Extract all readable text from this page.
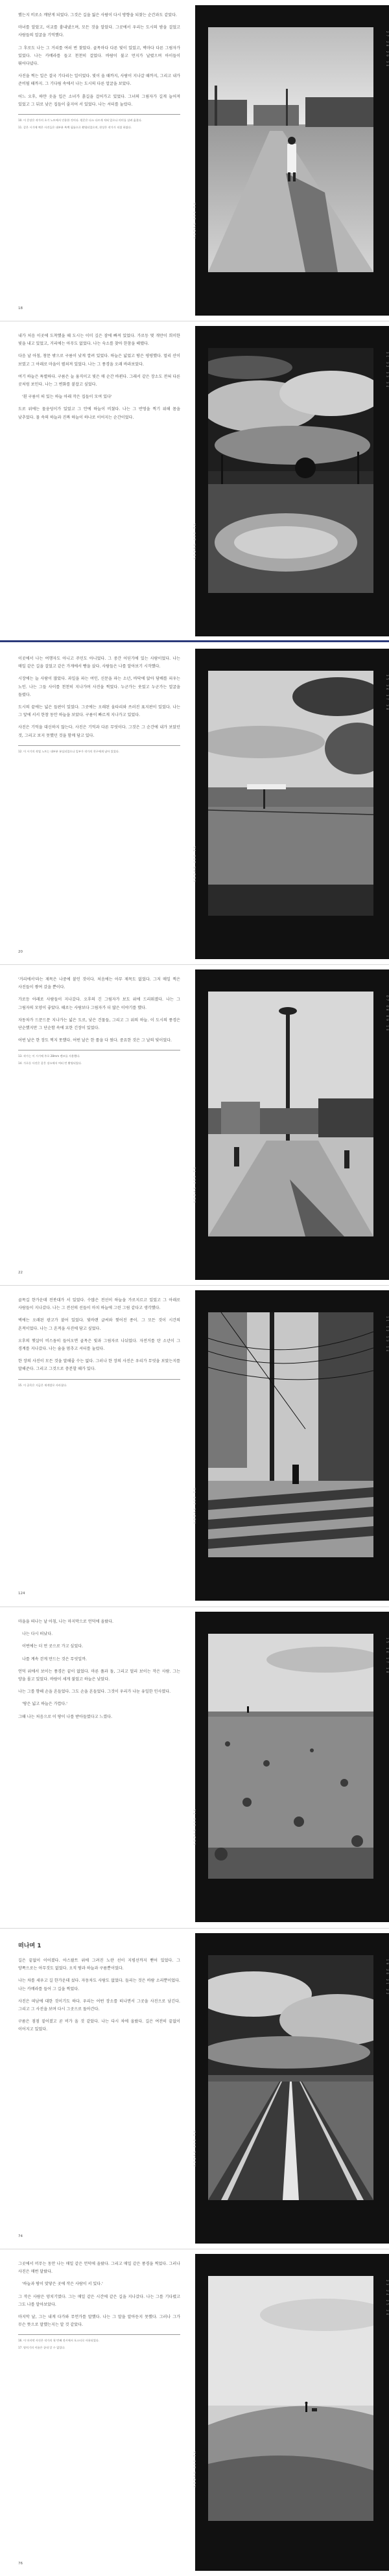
했는지 비로소 깨닫게 되었다. 그것은 길을 잃은 사람이 다시 방향을 되찾는 순간과도 같았다.

마녀를 알았고, 이교를 흉내냈으며, 모든 것을 알았다. 그곳에서 우리는 도시의 밤을 걸었고 사람들의 얼굴을 기억했다.

그 후로도 나는 그 거리를 여러 번 찾았다. 골목마다 다른 빛이 있었고, 벽마다 다른 그림자가 있었다. 나는 카메라를 들고 천천히 걸었다. 바람이 불고 먼지가 날렸으며 아이들이 뛰어다녔다.

사진을 찍는 일은 결국 기다리는 일이었다. 빛이 올 때까지, 사람이 지나갈 때까지, 그리고 내가 준비될 때까지. 그 기다림 속에서 나는 도시의 다른 얼굴을 보았다.

어느 오후, 하얀 옷을 입은 소녀가 흙길을 걸어가고 있었다. 그녀의 그림자가 길게 늘어져 있었고 그 뒤로 낮은 집들이 줄지어 서 있었다. 나는 셔터를 눌렀다.

10. 이 문장은 작가의 초기 노트에서 인용한 것이다. 원문은 다소 다르게 적혀 있으나 의미를 살려 옮겼다.

11. 같은 시기에 찍은 사진들은 대부분 흑백 필름으로 촬영되었으며, 현상은 작가가 직접 하였다.

18
KODAK 400 TX
27 28 29 30

내가 처음 이곳에 도착했을 때 도시는 이미 깊은 잠에 빠져 있었다. 가로등 몇 개만이 희미한 빛을 내고 있었고, 거리에는 아무도 없었다. 나는 숙소를 찾아 한참을 헤맸다.

다음 날 아침, 창문 밖으로 구름이 낮게 깔려 있었다. 하늘은 넓었고 땅은 평평했다. 멀리 산이 보였고 그 아래로 마을이 펼쳐져 있었다. 나는 그 풍경을 오래 바라보았다.

여기 하늘은 특별하다. 구름은 늘 움직이고 빛은 매 순간 바뀐다. 그래서 같은 장소도 전혀 다른 곳처럼 보인다. 나는 그 변화를 붙잡고 싶었다.

'흰 구름이 떠 있는 하늘 아래 작은 집들이 모여 있다'

도로 위에는 물웅덩이가 있었고 그 안에 하늘이 비쳤다. 나는 그 반영을 찍기 위해 몸을 낮추었다. 물 속의 하늘과 진짜 하늘이 하나로 이어지는 순간이었다.

KODAK 400 TX
31 32 33 34

이곳에서 나는 여행자도 아니고 주민도 아니었다. 그 중간 어딘가에 있는 사람이었다. 나는 매일 같은 길을 걸었고 같은 가게에서 빵을 샀다. 사람들은 나를 알아보기 시작했다.

시장에는 늘 사람이 많았다. 과일을 파는 여인, 신문을 파는 소년, 바닥에 앉아 담배를 피우는 노인. 나는 그들 사이를 천천히 지나가며 사진을 찍었다. 누군가는 웃었고 누군가는 얼굴을 돌렸다.

도시의 끝에는 넓은 들판이 있었다. 그곳에는 오래된 울타리와 쓰러진 표지판이 있었다. 나는 그 앞에 서서 한참 동안 하늘을 보았다. 구름이 빠르게 지나가고 있었다.

사진은 기억을 대신하지 않는다. 사진은 기억과 다른 무엇이다. 그것은 그 순간에 내가 보았던 것, 그리고 보지 못했던 것을 함께 담고 있다.

12. 이 시기의 작업 노트는 대부분 분실되었으나 일부가 작가의 친구에게 남아 있었다.

20
KODAK 400 TX
35 36 37 38

'거리에서'라는 제목은 나중에 붙인 것이다. 처음에는 아무 제목도 없었다. 그저 매일 찍은 사진들이 쌓여 갔을 뿐이다.

가로등 아래로 사람들이 지나갔다. 오후의 긴 그림자가 보도 위에 드리워졌다. 나는 그 그림자의 모양이 좋았다. 때로는 사람보다 그림자가 더 많은 이야기를 했다.

자동차가 드문드문 지나가는 넓은 도로, 낮은 건물들, 그리고 그 위의 하늘. 이 도시의 풍경은 단순했지만 그 단순함 속에 묘한 긴장이 있었다.

어떤 날은 한 장도 찍지 못했다. 어떤 날은 한 롤을 다 썼다. 중요한 것은 그 날의 빛이었다.

13. 작가는 이 시기에 주로 28mm 렌즈를 사용했다.

14. 가로등 사진은 같은 장소에서 여러 번 촬영되었다.

22
KODAK 400 TX
07 08 09 10

골목길 한가운데 전봇대가 서 있었다. 수많은 전선이 하늘을 가로지르고 있었고 그 아래로 사람들이 지나갔다. 나는 그 전선의 선들이 마치 하늘에 그린 그림 같다고 생각했다.

벽에는 오래된 광고가 붙어 있었다. 빛바랜 글씨와 찢어진 종이. 그 모든 것이 시간의 흔적이었다. 나는 그 흔적을 사진에 담고 싶었다.

오후의 햇살이 비스듬히 들어오면 골목은 빛과 그림자로 나뉘었다. 자전거를 탄 소년이 그 경계를 지나갔다. 나는 숨을 멈추고 셔터를 눌렀다.

한 장의 사진이 모든 것을 말해줄 수는 없다. 그러나 한 장의 사진은 우리가 무엇을 보았는지를 말해준다. 그리고 그것으로 충분할 때가 있다.

15. 이 골목은 지금은 재개발로 사라졌다.

124
KODAK 400 TX
11 12 13 14

마을을 떠나는 날 아침, 나는 마지막으로 언덕에 올랐다.

나는 다시 떠났다.

이번에는 더 먼 곳으로 가고 싶었다.

나를 계속 걷게 만드는 것은 무엇일까.

언덕 위에서 보이는 풍경은 끝이 없었다. 마른 풀과 돌, 그리고 멀리 보이는 작은 사람. 그는 양을 몰고 있었다. 바람이 세게 불었고 하늘은 낮았다.

나는 그를 향해 손을 흔들었다. 그도 손을 흔들었다. 그것이 우리가 나눈 유일한 인사였다.

'땅은 넓고 하늘은 가깝다.'

그때 나는 처음으로 이 땅이 나를 받아들였다고 느꼈다.

KODAK 400 TX
15 16 17 18
떠나며 1

길은 끝없이 이어졌다. 아스팔트 위에 그려진 노란 선이 지평선까지 뻗어 있었다. 그 양쪽으로는 아무것도 없었다. 오직 땅과 하늘과 구름뿐이었다.

나는 차를 세우고 길 한가운데 섰다. 자동차도 사람도 없었다. 들리는 것은 바람 소리뿐이었다. 나는 카메라를 들어 그 길을 찍었다.

사진은 떠남에 대한 것이기도 하다. 우리는 어떤 장소를 떠나면서 그곳을 사진으로 남긴다. 그리고 그 사진을 보며 다시 그곳으로 돌아간다.

구름은 점점 짙어졌고 곧 비가 올 것 같았다. 나는 다시 차에 올랐다. 길은 여전히 끝없이 이어지고 있었다.

74
KODAK 400 TX
19 20 21 22

그곳에서 머무는 동안 나는 매일 같은 언덕에 올랐다. 그리고 매일 같은 풍경을 찍었다. 그러나 사진은 매번 달랐다.

'하늘과 땅이 맞닿은 곳에 작은 사람이 서 있다.'

그 작은 사람은 양치기였다. 그는 매일 같은 시간에 같은 길을 지나갔다. 나는 그를 기다렸고 그도 나를 알아보았다.

마지막 날, 그는 내게 다가와 무언가를 말했다. 나는 그 말을 알아듣지 못했다. 그러나 그가 무슨 뜻으로 말했는지는 알 것 같았다.

16. 이 마지막 사진은 작가의 첫 번째 전시에서 포스터로 사용되었다.

17. 양치기의 이름은 끝내 알 수 없었다.

76
KODAK 400 TX
23 24 25 26
